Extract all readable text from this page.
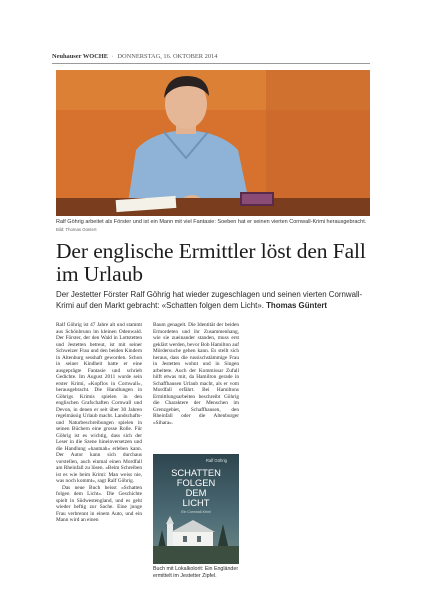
Neuhauser WOCHE · DONNERSTAG, 16. OKTOBER 2014
Ralf Göhrig arbeitet als Förster und ist ein Mann mit viel Fantasie: Soeben hat er seinen vierten Cornwall-Krimi herausgebracht. Bild: Thomas Güntert
Der englische Ermittler löst den Fall im Urlaub

Der Jestetter Förster Ralf Göhrig hat wieder zugeschlagen und seinen vierten Cornwall-Krimi auf den Markt gebracht: «Schatten folgen dem Licht». Thomas Güntert

Ralf Göhrig ist 47 Jahre alt und stammt aus Schönbrunn im kleinen Odenwald. Der Förster, der den Wald in Lottstetten und Jestetten betreut, ist mit seiner Schweizer Frau und den beiden Kindern in Altenburg sesshaft geworden. Schon in seiner Kindheit hatte er eine ausgeprägte Fantasie und schrieb Gedichte. Im August 2011 wurde sein erster Krimi, «Kopflos in Cornwall», herausgebracht. Die Handlungen in Göhrigs Krimis spielen in den englischen Grafschaften Cornwall und Devon, in denen er seit über 30 Jahren regelmässig Urlaub macht. Landschafts- und Naturbeschreibungen spielen in seinen Büchern eine grosse Rolle. Für Göhrig ist es wichtig, dass sich der Leser in die Szene hineinversetzen und die Handlung «hautnah» erleben kann. Der Autor kann sich durchaus vorstellen, auch einmal einen Mordfall am Rheinfall zu lösen. «Beim Schreiben ist es wie beim Krimi: Man weiss nie, was noch kommt», sagt Ralf Göhrig.

Das neue Buch heisst «Schatten folgen dem Licht». Die Geschichte spielt in Südwestengland, und es geht wieder heftig zur Sache. Eine junge Frau verbrennt in einem Auto, und ein Mann wird an einen

Baum genagelt. Die Identität der beiden Ermordeten und ihr Zusammenhang, wie sie zueinander standen, muss erst geklärt werden, bevor Bob Hamilton auf Mördersuche gehen kann. Es stellt sich heraus, dass die russischstämmige Frau in Jestetten wohnt und in Singen arbeitete. Auch der Kommissar Zufall hilft etwas mit, da Hamilton gerade in Schaffhausen Urlaub macht, als er vom Mordfall erfährt. Bei Hamiltons Ermittlungsarbeiten beschreibt Göhrig die Charaktere der Menschen im Grenzgebiet, Schaffhausen, den Rheinfall oder die Altenburger «Sihara».

Ralf Göhrig
SCHATTEN
FOLGEN
DEM
LICHT
Ein Cornwall-Krimi
Buch mit Lokalkolorit: Ein Engländer ermittelt im Jestetter Zipfel.
